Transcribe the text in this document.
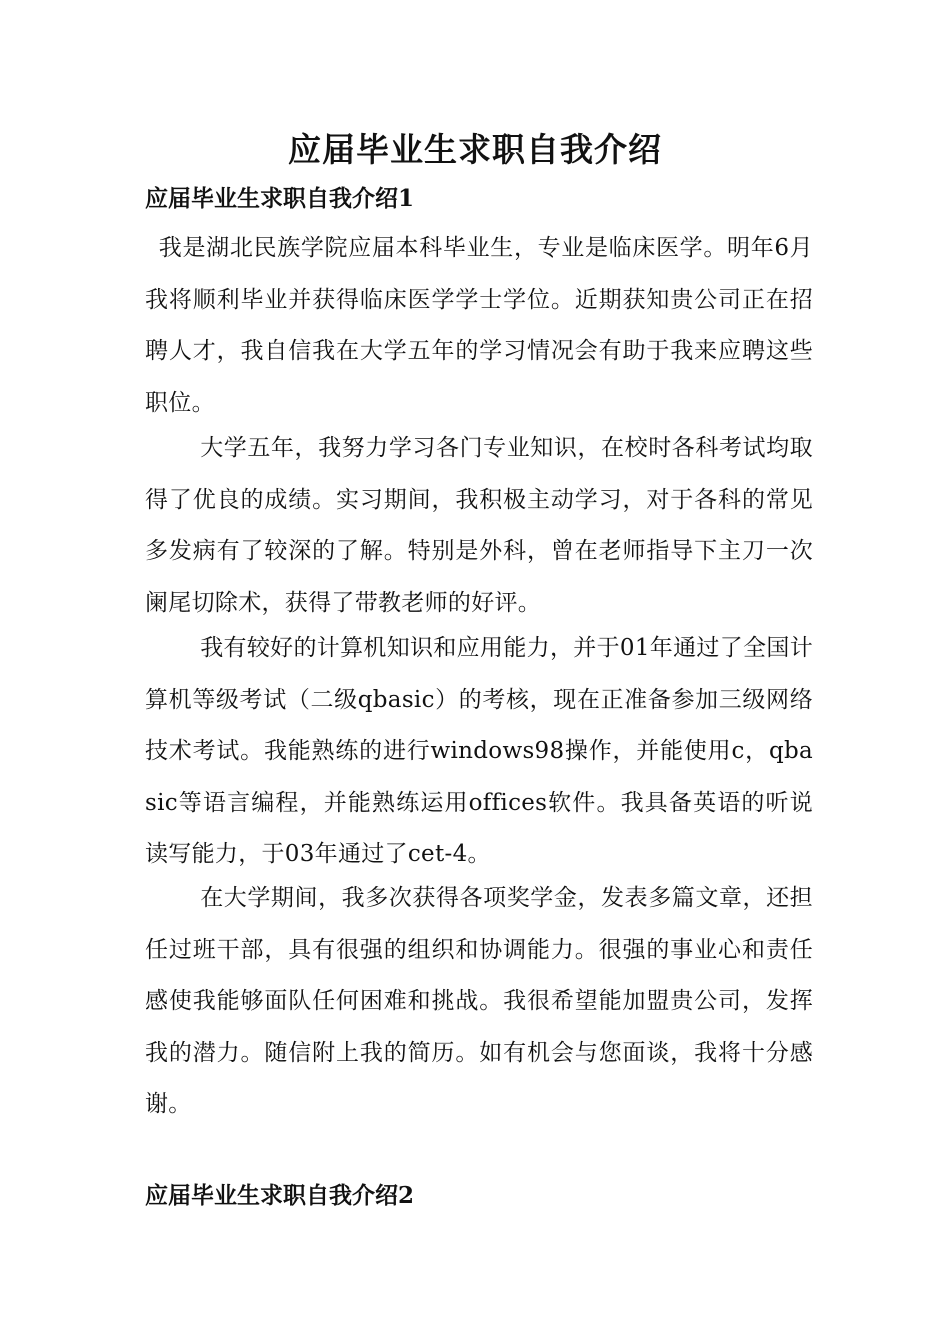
应届毕业生求职自我介绍
应届毕业生求职自我介绍1

我是湖北民族学院应届本科毕业生，专业是临床医学。明年6月我将顺利毕业并获得临床医学学士学位。近期获知贵公司正在招聘人才，我自信我在大学五年的学习情况会有助于我来应聘这些职位。

大学五年，我努力学习各门专业知识，在校时各科考试均取得了优良的成绩。实习期间，我积极主动学习，对于各科的常见多发病有了较深的了解。特别是外科，曾在老师指导下主刀一次阑尾切除术，获得了带教老师的好评。

我有较好的计算机知识和应用能力，并于01年通过了全国计算机等级考试（二级qbasic）的考核，现在正准备参加三级网络技术考试。我能熟练的进行windows98操作，并能使用c，qbasic等语言编程，并能熟练运用offices软件。我具备英语的听说读写能力，于03年通过了cet-4。

在大学期间，我多次获得各项奖学金，发表多篇文章，还担任过班干部，具有很强的组织和协调能力。很强的事业心和责任感使我能够面队任何困难和挑战。我很希望能加盟贵公司，发挥我的潜力。随信附上我的简历。如有机会与您面谈，我将十分感谢。

应届毕业生求职自我介绍2
